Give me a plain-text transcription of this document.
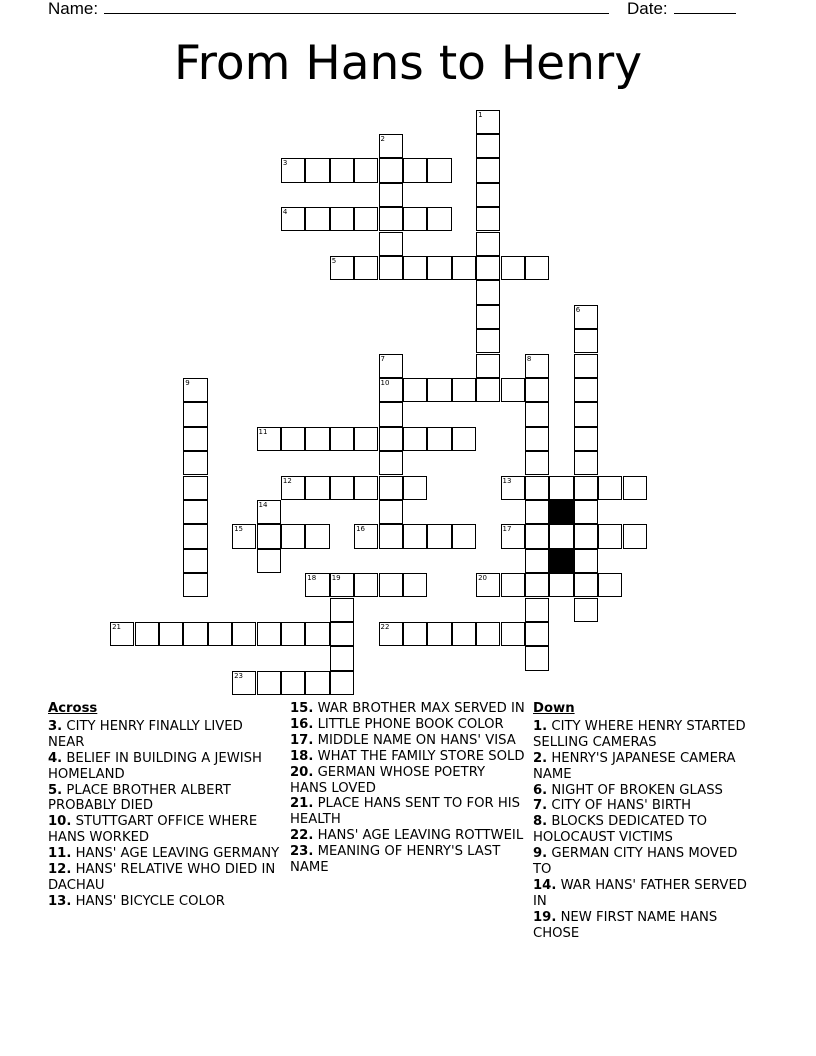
Name:	Date:
From Hans to Henry
1
2
3
4
5
6
7
10
8
9
11
12	13
14
15	16	17
18 19	20
21	22
23
Across
3. CITY HENRY FINALLY LIVED NEAR
4. BELIEF IN BUILDING A JEWISH HOMELAND
5. PLACE BROTHER ALBERT PROBABLY DIED
10. STUTTGART OFFICE WHERE HANS WORKED
11. HANS' AGE LEAVING GERMANY
12. HANS' RELATIVE WHO DIED IN DACHAU
13. HANS' BICYCLE COLOR
15. WAR BROTHER MAX SERVED IN
16. LITTLE PHONE BOOK COLOR
17. MIDDLE NAME ON HANS' VISA
18. WHAT THE FAMILY STORE SOLD
20. GERMAN WHOSE POETRY HANS LOVED
21. PLACE HANS SENT TO FOR HIS HEALTH
22. HANS' AGE LEAVING ROTTWEIL
23. MEANING OF HENRY'S LAST NAME
Down
1. CITY WHERE HENRY STARTED SELLING CAMERAS
2. HENRY'S JAPANESE CAMERA NAME
6. NIGHT OF BROKEN GLASS
7. CITY OF HANS' BIRTH
8. BLOCKS DEDICATED TO HOLOCAUST VICTIMS
9. GERMAN CITY HANS MOVED TO
14. WAR HANS' FATHER SERVED IN
19. NEW FIRST NAME HANS CHOSE
